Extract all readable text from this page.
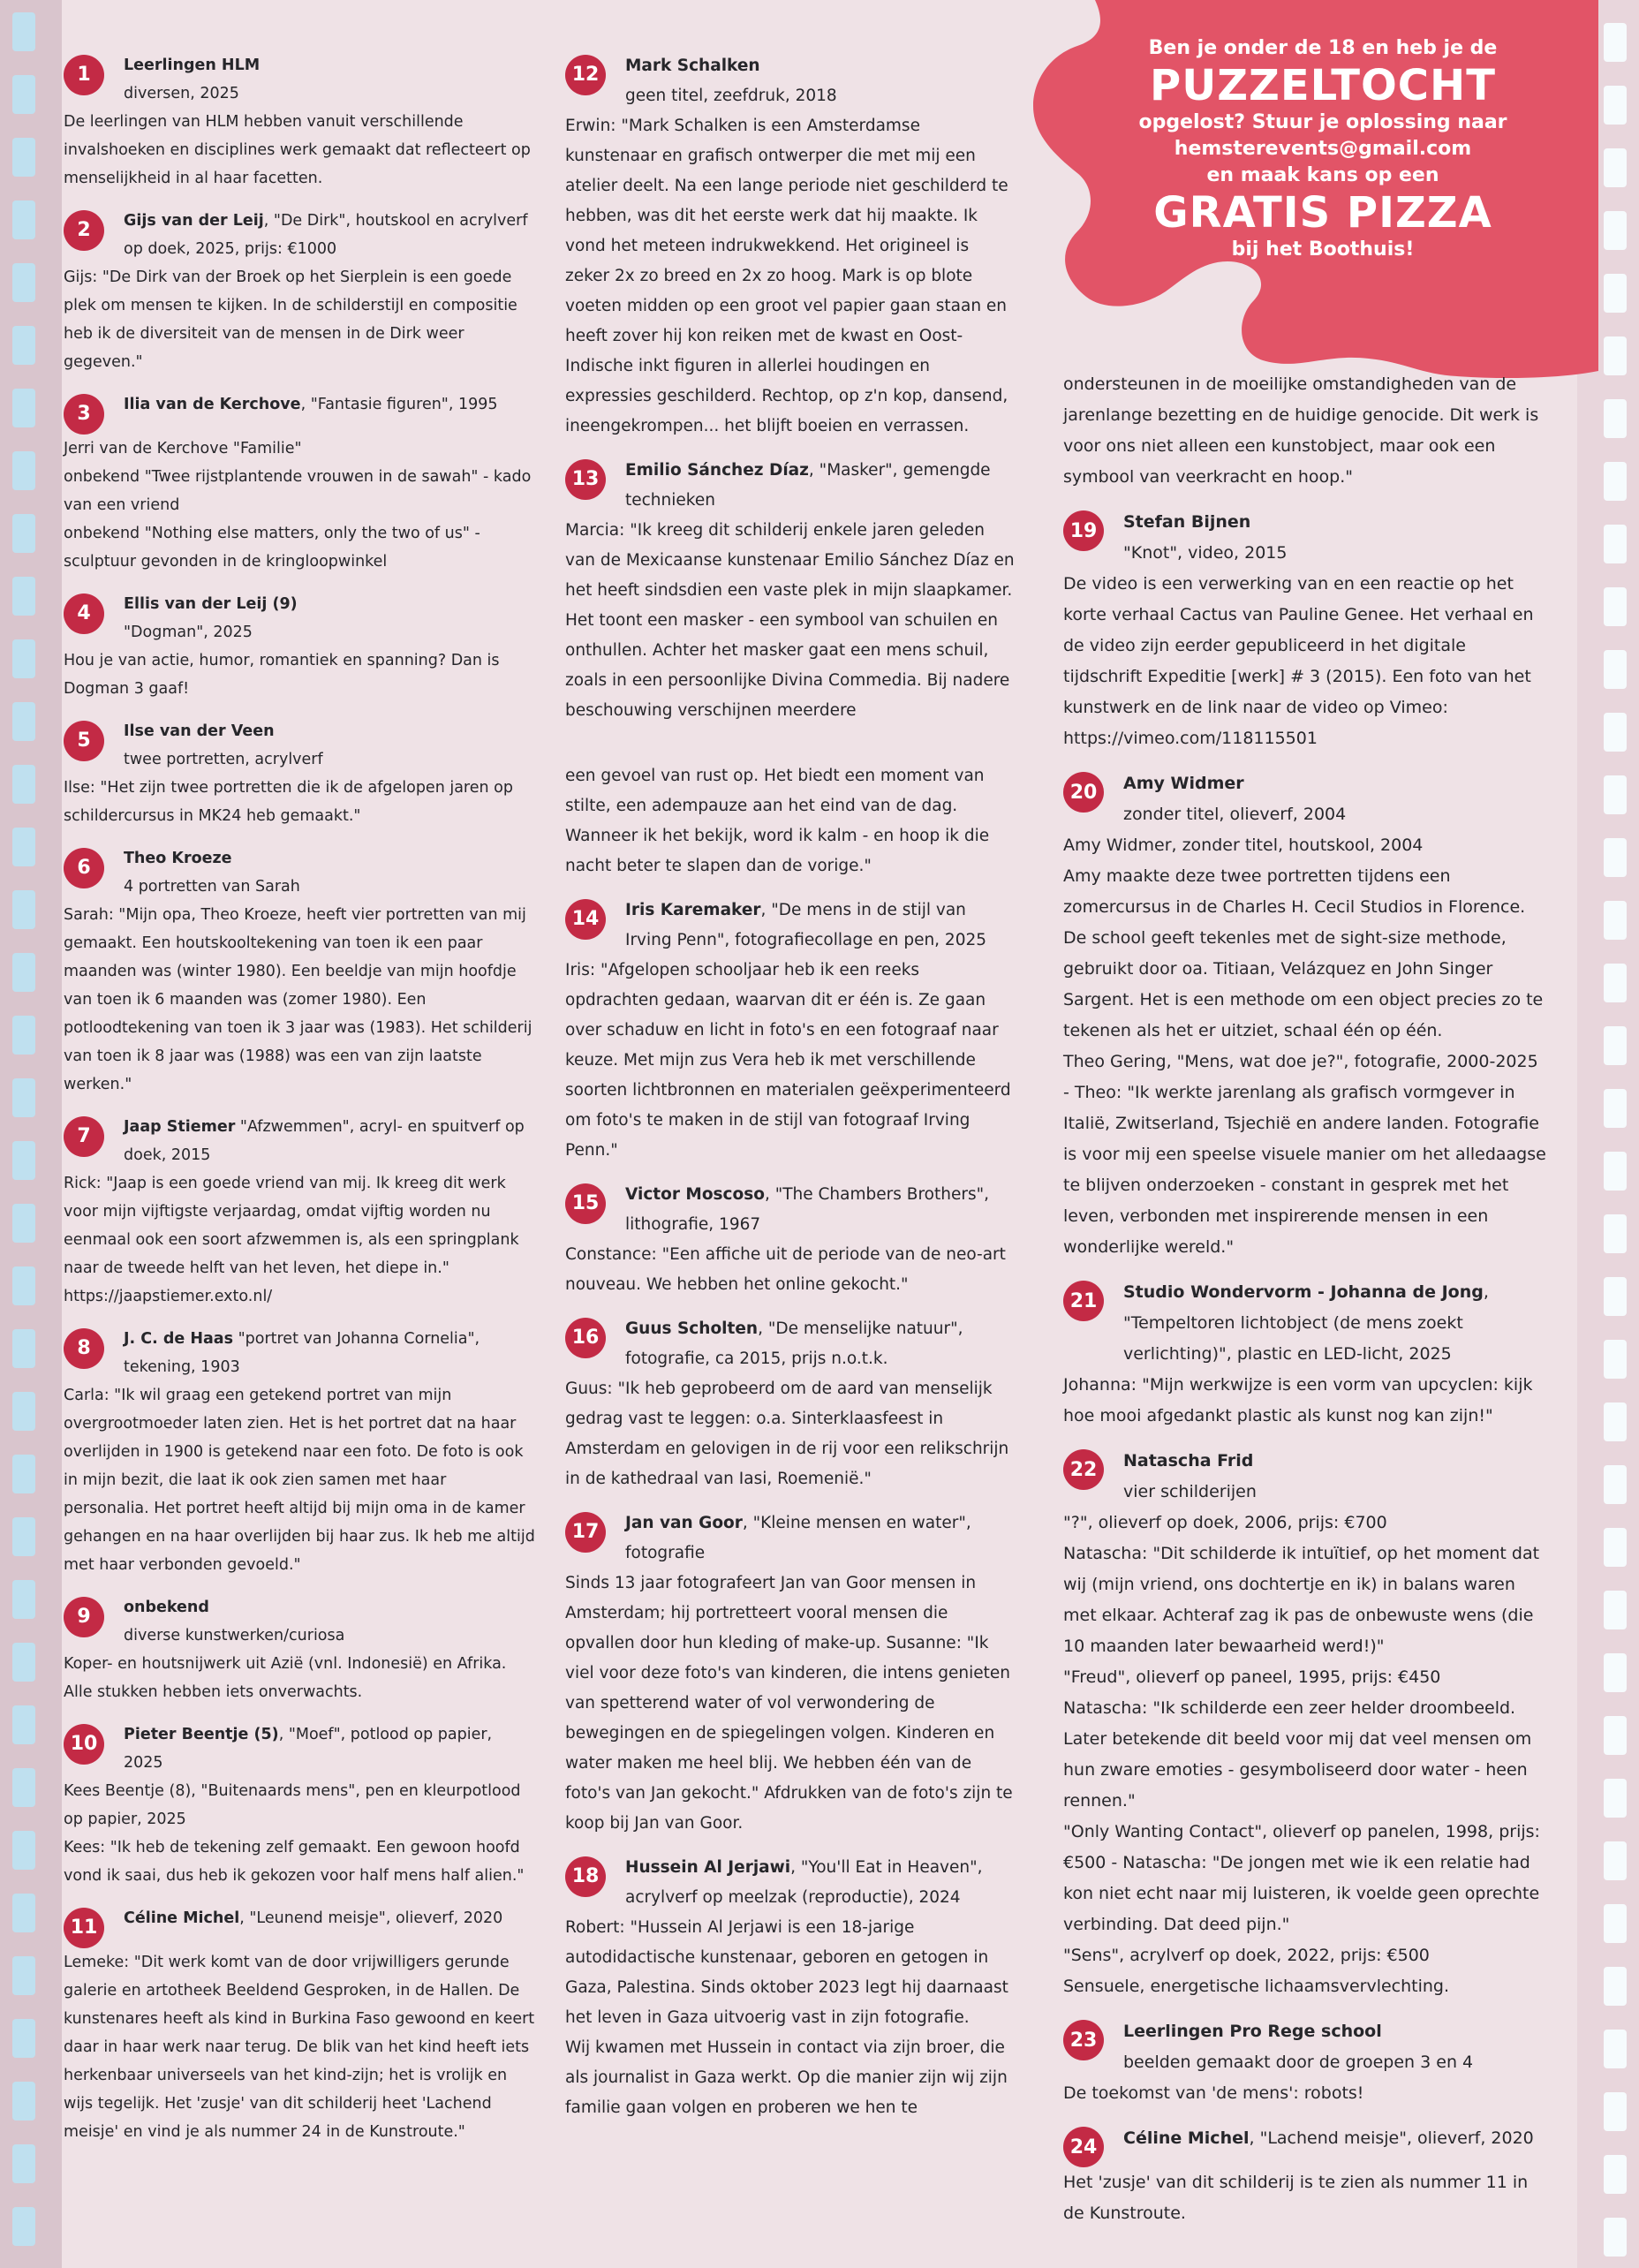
Ben je onder de 18 en heb je de
PUZZELTOCHT
opgelost? Stuur je oplossing naar
hemsterevents@gmail.com
en maak kans op een
GRATIS PIZZA
bij het Boothuis!
1	Leerlingen HLM
diversen, 2025
De leerlingen van HLM hebben vanuit verschillende invalshoeken en disciplines werk gemaakt dat reflecteert op menselijkheid in al haar facetten.
2	Gijs van der Leij, "De Dirk", houtskool en acrylverf op doek, 2025, prijs: €1000
Gijs: "De Dirk van der Broek op het Sierplein is een goede plek om mensen te kijken. In de schilderstijl en compositie heb ik de diversiteit van de mensen in de Dirk weer gegeven."
3	Ilia van de Kerchove, "Fantasie figuren", 1995
Jerri van de Kerchove "Familie"
onbekend "Twee rijstplantende vrouwen in de sawah" - kado van een vriend
onbekend "Nothing else matters, only the two of us" - sculptuur gevonden in de kringloopwinkel
4	Ellis van der Leij (9)
"Dogman", 2025
Hou je van actie, humor, romantiek en spanning? Dan is Dogman 3 gaaf!
5	Ilse van der Veen
twee portretten, acrylverf
Ilse: "Het zijn twee portretten die ik de afgelopen jaren op schildercursus in MK24 heb gemaakt."
6	Theo Kroeze
4 portretten van Sarah
Sarah: "Mijn opa, Theo Kroeze, heeft vier portretten van mij gemaakt. Een houtskooltekening van toen ik een paar maanden was (winter 1980). Een beeldje van mijn hoofdje van toen ik 6 maanden was (zomer 1980). Een potloodtekening van toen ik 3 jaar was (1983). Het schilderij van toen ik 8 jaar was (1988) was een van zijn laatste werken."
7	Jaap Stiemer "Afzwemmen", acryl- en spuitverf op doek, 2015
Rick: "Jaap is een goede vriend van mij. Ik kreeg dit werk voor mijn vijftigste verjaardag, omdat vijftig worden nu eenmaal ook een soort afzwemmen is, als een springplank naar de tweede helft van het leven, het diepe in." https://jaapstiemer.exto.nl/
8	J. C. de Haas "portret van Johanna Cornelia", tekening, 1903
Carla: "Ik wil graag een getekend portret van mijn overgrootmoeder laten zien. Het is het portret dat na haar overlijden in 1900 is getekend naar een foto. De foto is ook in mijn bezit, die laat ik ook zien samen met haar personalia. Het portret heeft altijd bij mijn oma in de kamer gehangen en na haar overlijden bij haar zus. Ik heb me altijd met haar verbonden gevoeld."
9	onbekend
diverse kunstwerken/curiosa
Koper- en houtsnijwerk uit Azië (vnl. Indonesië) en Afrika. Alle stukken hebben iets onverwachts.
10	Pieter Beentje (5), "Moef", potlood op papier, 2025
Kees Beentje (8), "Buitenaards mens", pen en kleurpotlood op papier, 2025
Kees: "Ik heb de tekening zelf gemaakt. Een gewoon hoofd vond ik saai, dus heb ik gekozen voor half mens half alien."
11	Céline Michel, "Leunend meisje", olieverf, 2020
Lemeke: "Dit werk komt van de door vrijwilligers gerunde galerie en artotheek Beeldend Gesproken, in de Hallen. De kunstenares heeft als kind in Burkina Faso gewoond en keert daar in haar werk naar terug. De blik van het kind heeft iets herkenbaar universeels van het kind-zijn; het is vrolijk en wijs tegelijk. Het 'zusje' van dit schilderij heet 'Lachend meisje' en vind je als nummer 24 in de Kunstroute."
12	Mark Schalken
geen titel, zeefdruk, 2018
Erwin: "Mark Schalken is een Amsterdamse kunstenaar en grafisch ontwerper die met mij een atelier deelt. Na een lange periode niet geschilderd te hebben, was dit het eerste werk dat hij maakte. Ik vond het meteen indrukwekkend. Het origineel is zeker 2x zo breed en 2x zo hoog. Mark is op blote voeten midden op een groot vel papier gaan staan en heeft zover hij kon reiken met de kwast en Oost-Indische inkt figuren in allerlei houdingen en expressies geschilderd. Rechtop, op z'n kop, dansend, ineengekrompen... het blijft boeien en verrassen.
13	Emilio Sánchez Díaz, "Masker", gemengde technieken
Marcia: "Ik kreeg dit schilderij enkele jaren geleden van de Mexicaanse kunstenaar Emilio Sánchez Díaz en het heeft sindsdien een vaste plek in mijn slaapkamer. Het toont een masker - een symbool van schuilen en onthullen. Achter het masker gaat een mens schuil, zoals in een persoonlijke Divina Commedia. Bij nadere beschouwing verschijnen meerdere
een gevoel van rust op. Het biedt een moment van stilte, een adempauze aan het eind van de dag. Wanneer ik het bekijk, word ik kalm - en hoop ik die nacht beter te slapen dan de vorige."
14	Iris Karemaker, "De mens in de stijl van Irving Penn", fotografiecollage en pen, 2025
Iris: "Afgelopen schooljaar heb ik een reeks opdrachten gedaan, waarvan dit er één is. Ze gaan over schaduw en licht in foto's en een fotograaf naar keuze. Met mijn zus Vera heb ik met verschillende soorten lichtbronnen en materialen geëxperimenteerd om foto's te maken in de stijl van fotograaf Irving Penn."
15	Victor Moscoso, "The Chambers Brothers", lithografie, 1967
Constance: "Een affiche uit de periode van de neo-art nouveau. We hebben het online gekocht."
16	Guus Scholten, "De menselijke natuur", fotografie, ca 2015, prijs n.o.t.k.
Guus: "Ik heb geprobeerd om de aard van menselijk gedrag vast te leggen: o.a. Sinterklaasfeest in Amsterdam en gelovigen in de rij voor een relikschrijn in de kathedraal van Iasi, Roemenië."
17	Jan van Goor, "Kleine mensen en water", fotografie
Sinds 13 jaar fotografeert Jan van Goor mensen in Amsterdam; hij portretteert vooral mensen die opvallen door hun kleding of make-up. Susanne: "Ik viel voor deze foto's van kinderen, die intens genieten van spetterend water of vol verwondering de bewegingen en de spiegelingen volgen. Kinderen en water maken me heel blij. We hebben één van de foto's van Jan gekocht." Afdrukken van de foto's zijn te koop bij Jan van Goor.
18	Hussein Al Jerjawi, "You'll Eat in Heaven", acrylverf op meelzak (reproductie), 2024
Robert: "Hussein Al Jerjawi is een 18-jarige autodidactische kunstenaar, geboren en getogen in Gaza, Palestina. Sinds oktober 2023 legt hij daarnaast het leven in Gaza uitvoerig vast in zijn fotografie.
Wij kwamen met Hussein in contact via zijn broer, die als journalist in Gaza werkt. Op die manier zijn wij zijn familie gaan volgen en proberen we hen te
ondersteunen in de moeilijke omstandigheden van de jarenlange bezetting en de huidige genocide. Dit werk is voor ons niet alleen een kunstobject, maar ook een symbool van veerkracht en hoop."
19	Stefan Bijnen
"Knot", video, 2015
De video is een verwerking van en een reactie op het korte verhaal Cactus van Pauline Genee. Het verhaal en de video zijn eerder gepubliceerd in het digitale tijdschrift Expeditie [werk] # 3 (2015). Een foto van het kunstwerk en de link naar de video op Vimeo: https://vimeo.com/118115501
20	Amy Widmer
zonder titel, olieverf, 2004
Amy Widmer, zonder titel, houtskool, 2004
Amy maakte deze twee portretten tijdens een zomercursus in de Charles H. Cecil Studios in Florence. De school geeft tekenles met de sight-size methode, gebruikt door oa. Titiaan, Velázquez en John Singer Sargent. Het is een methode om een object precies zo te tekenen als het er uitziet, schaal één op één.
Theo Gering, "Mens, wat doe je?", fotografie, 2000-2025 - Theo: "Ik werkte jarenlang als grafisch vormgever in Italië, Zwitserland, Tsjechië en andere landen. Fotografie is voor mij een speelse visuele manier om het alledaagse te blijven onderzoeken - constant in gesprek met het leven, verbonden met inspirerende mensen in een wonderlijke wereld."
21	Studio Wondervorm - Johanna de Jong, "Tempeltoren lichtobject (de mens zoekt verlichting)", plastic en LED-licht, 2025
Johanna: "Mijn werkwijze is een vorm van upcyclen: kijk hoe mooi afgedankt plastic als kunst nog kan zijn!"
22	Natascha Frid
vier schilderijen
"?", olieverf op doek, 2006, prijs: €700
Natascha: "Dit schilderde ik intuïtief, op het moment dat wij (mijn vriend, ons dochtertje en ik) in balans waren met elkaar. Achteraf zag ik pas de onbewuste wens (die 10 maanden later bewaarheid werd!)"
"Freud", olieverf op paneel, 1995, prijs: €450
Natascha: "Ik schilderde een zeer helder droombeeld. Later betekende dit beeld voor mij dat veel mensen om hun zware emoties - gesymboliseerd door water - heen rennen."
"Only Wanting Contact", olieverf op panelen, 1998, prijs: €500 - Natascha: "De jongen met wie ik een relatie had kon niet echt naar mij luisteren, ik voelde geen oprechte verbinding. Dat deed pijn."
"Sens", acrylverf op doek, 2022, prijs: €500
Sensuele, energetische lichaamsvervlechting.
23	Leerlingen Pro Rege school
beelden gemaakt door de groepen 3 en 4
De toekomst van 'de mens': robots!
24	Céline Michel, "Lachend meisje", olieverf, 2020
Het 'zusje' van dit schilderij is te zien als nummer 11 in de Kunstroute.
